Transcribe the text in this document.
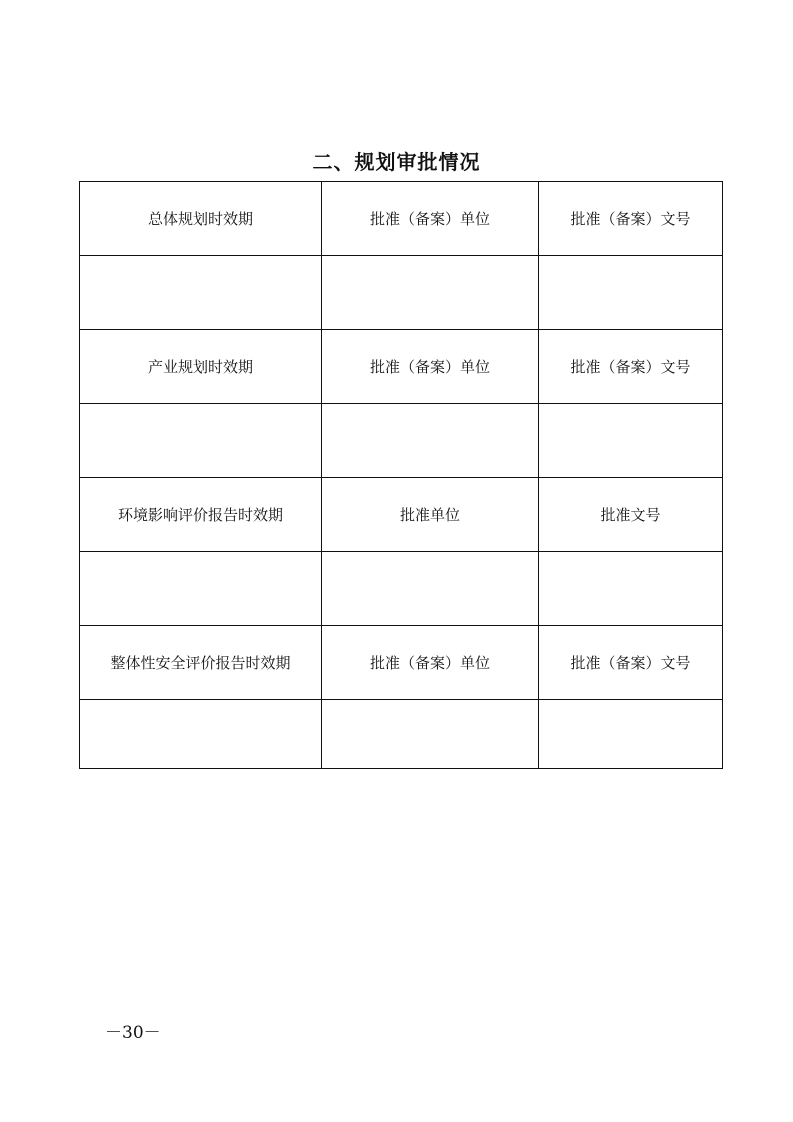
二、规划审批情况
总体规划时效期	批准（备案）单位	批准（备案）文号

产业规划时效期	批准（备案）单位	批准（备案）文号

环境影响评价报告时效期	批准单位	批准文号

整体性安全评价报告时效期	批准（备案）单位	批准（备案）文号

－30－
